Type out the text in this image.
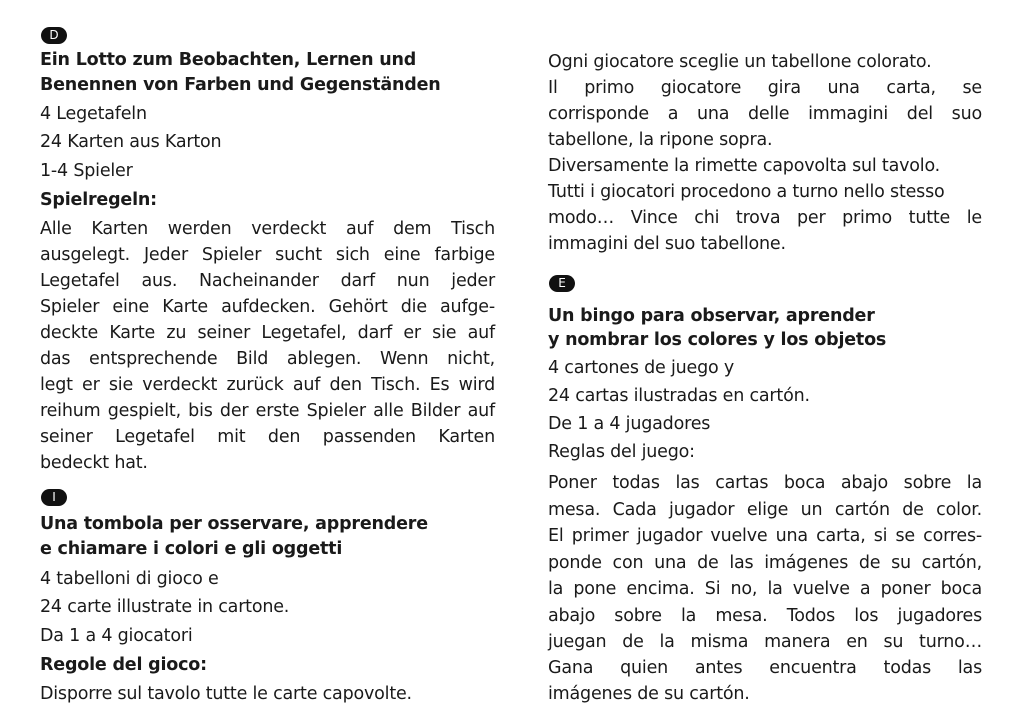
D
Ein Lotto zum Beobachten, Lernen und
Benennen von Farben und Gegenständen
4 Legetafeln
24 Karten aus Karton
1-4 Spieler
Spielregeln:
Alle Karten werden verdeckt auf dem Tisch
ausgelegt. Jeder Spieler sucht sich eine farbige
Legetafel aus. Nacheinander darf nun jeder
Spieler eine Karte aufdecken. Gehört die aufge-
deckte Karte zu seiner Legetafel, darf er sie auf
das entsprechende Bild ablegen. Wenn nicht,
legt er sie verdeckt zurück auf den Tisch. Es wird
reihum gespielt, bis der erste Spieler alle Bilder auf
seiner Legetafel mit den passenden Karten
bedeckt hat.
I
Una tombola per osservare, apprendere
e chiamare i colori e gli oggetti
4 tabelloni di gioco e
24 carte illustrate in cartone.
Da 1 a 4 giocatori
Regole del gioco:
Disporre sul tavolo tutte le carte capovolte.
Ogni giocatore sceglie un tabellone colorato.
Il primo giocatore gira una carta, se
corrisponde a una delle immagini del suo
tabellone, la ripone sopra.
Diversamente la rimette capovolta sul tavolo.
Tutti i giocatori procedono a turno nello stesso
modo… Vince chi trova per primo tutte le
immagini del suo tabellone.
E
Un bingo para observar, aprender
y nombrar los colores y los objetos
4 cartones de juego y
24 cartas ilustradas en cartón.
De 1 a 4 jugadores
Reglas del juego:
Poner todas las cartas boca abajo sobre la
mesa. Cada jugador elige un cartón de color.
El primer jugador vuelve una carta, si se corres-
ponde con una de las imágenes de su cartón,
la pone encima. Si no, la vuelve a poner boca
abajo sobre la mesa. Todos los jugadores
juegan de la misma manera en su turno…
Gana quien antes encuentra todas las
imágenes de su cartón.
